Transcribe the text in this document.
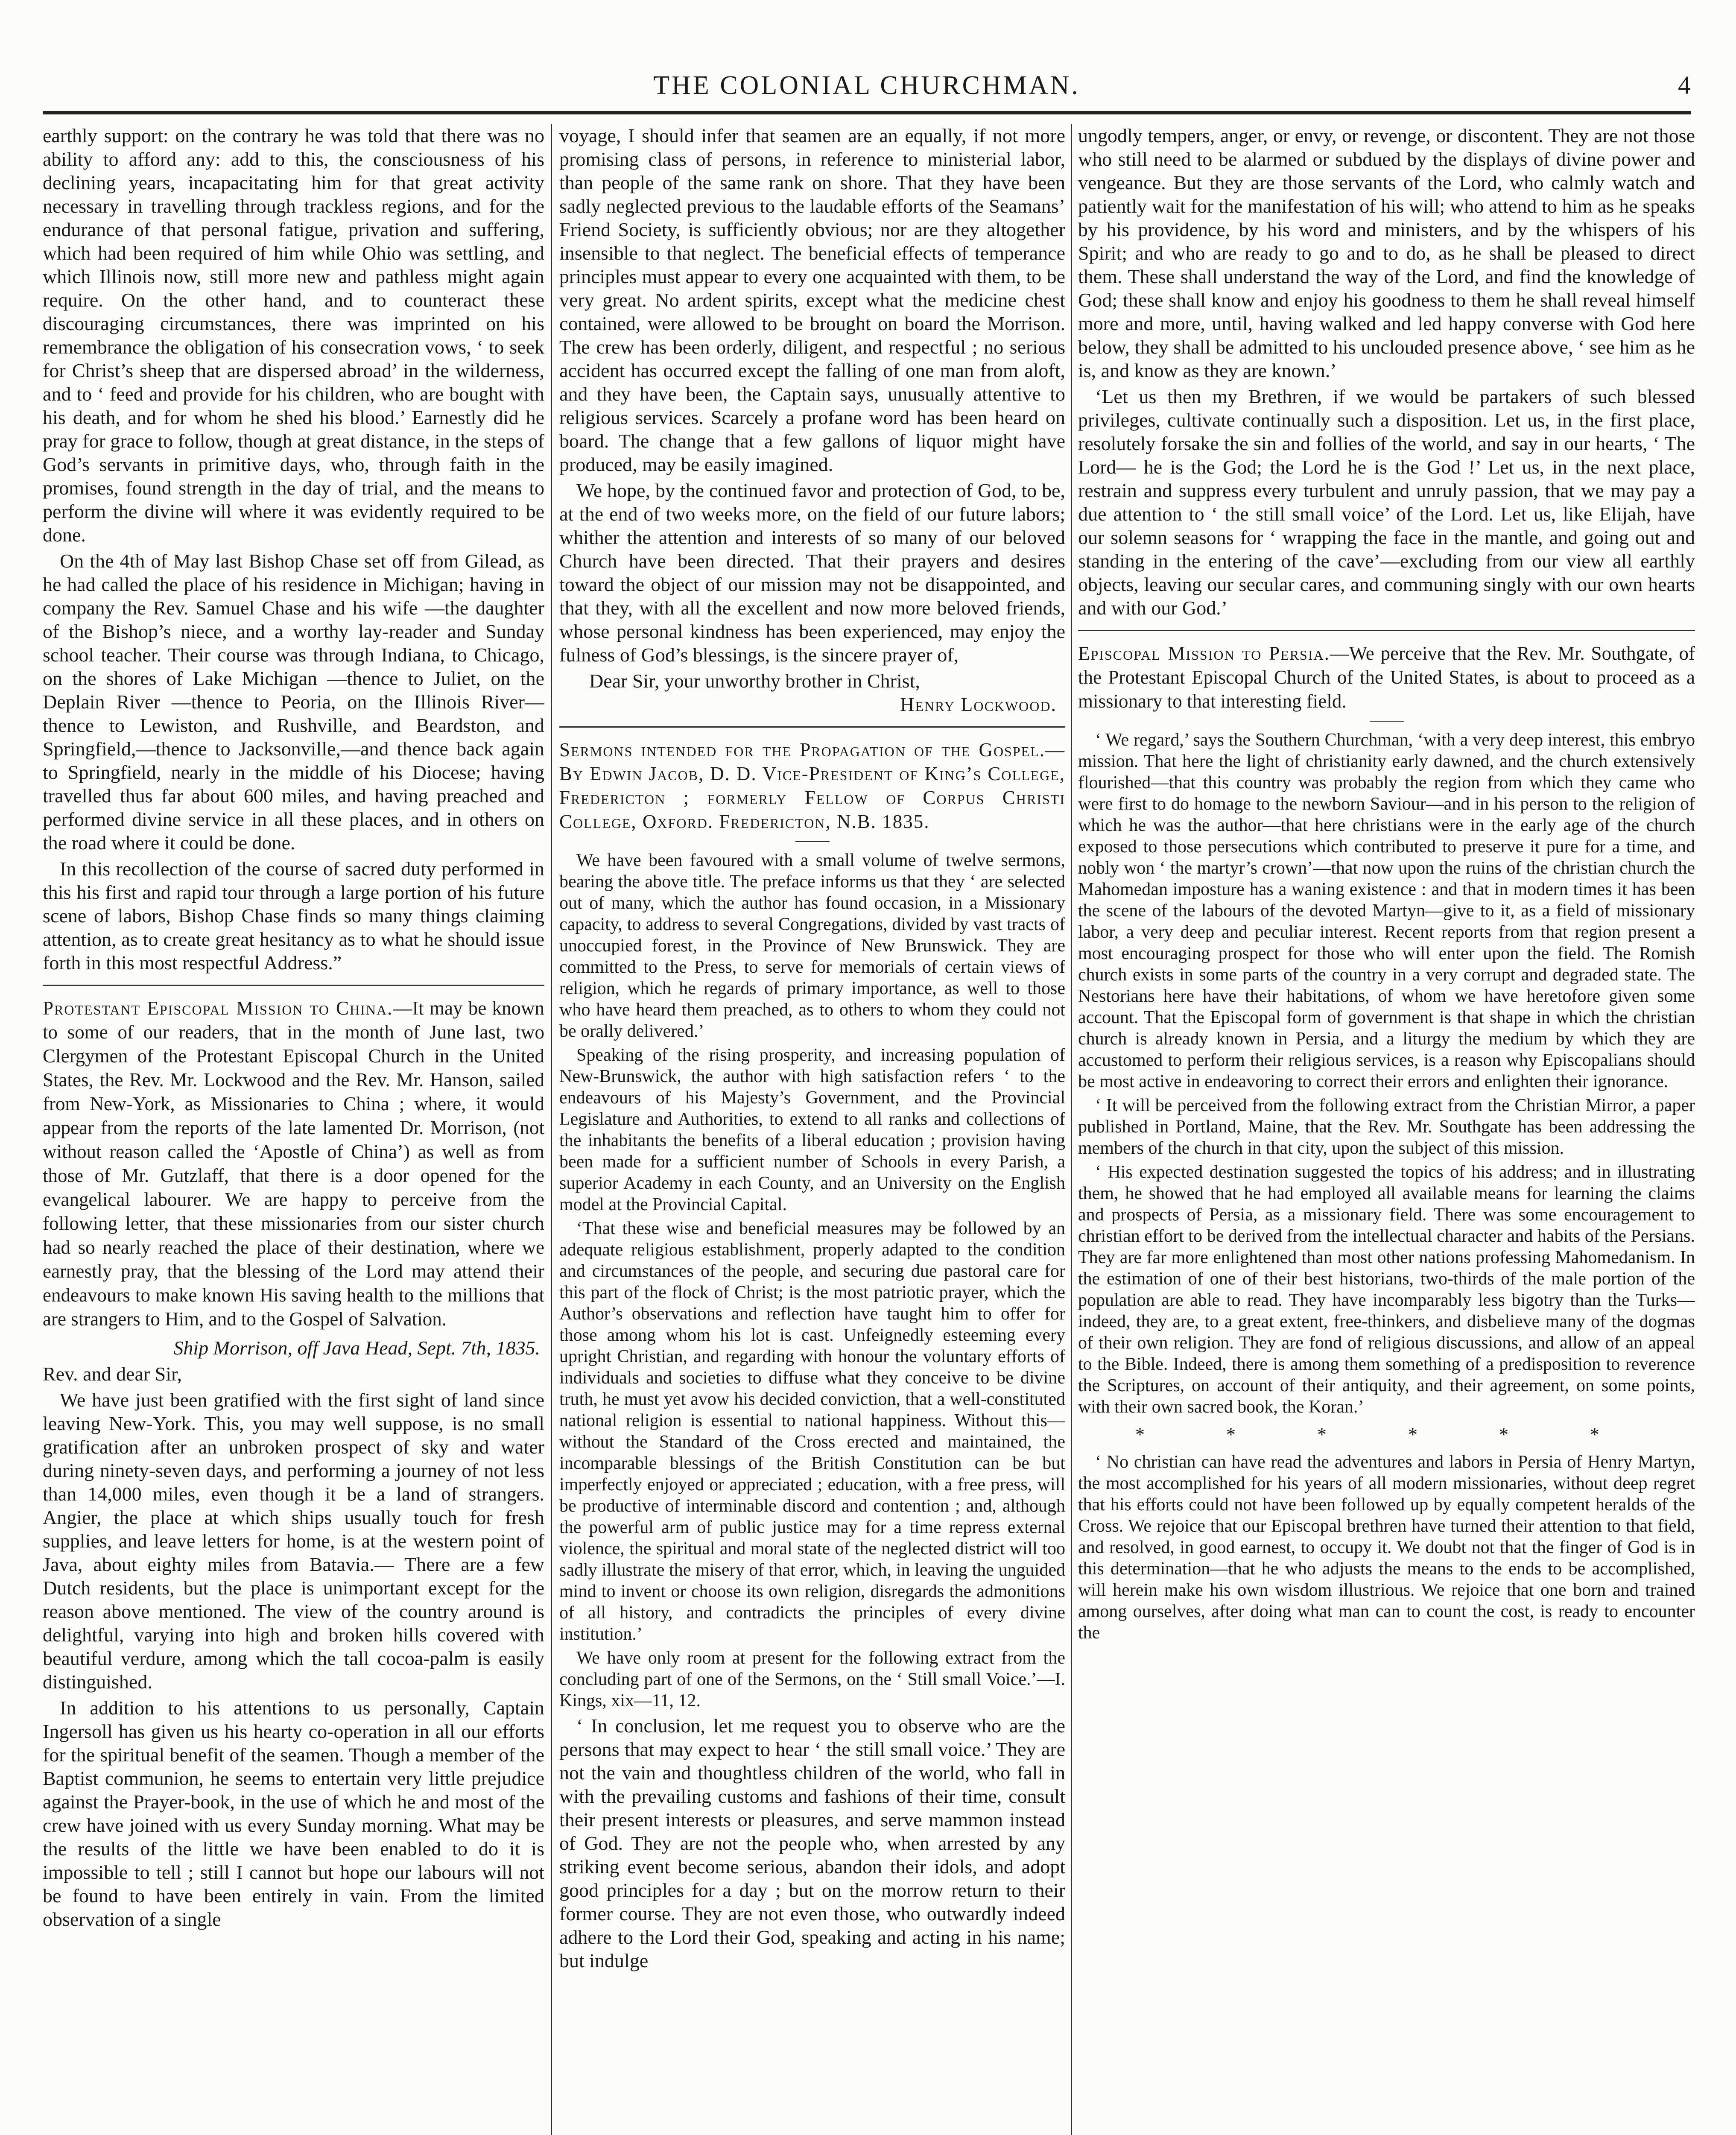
THE COLONIAL CHURCHMAN.	4

earthly support: on the contrary he was told that there was no ability to afford any: add to this, the consciousness of his declining years, incapacitating him for that great activity necessary in travelling through trackless regions, and for the endurance of that personal fatigue, privation and suffering, which had been required of him while Ohio was settling, and which Illinois now, still more new and pathless might again require. On the other hand, and to counteract these discouraging circumstances, there was imprinted on his remembrance the obligation of his consecration vows, ‘ to seek for Christ’s sheep that are dispersed abroad’ in the wilderness, and to ‘ feed and provide for his children, who are bought with his death, and for whom he shed his blood.’ Earnestly did he pray for grace to follow, though at great distance, in the steps of God’s servants in primitive days, who, through faith in the promises, found strength in the day of trial, and the means to perform the divine will where it was evidently required to be done.

On the 4th of May last Bishop Chase set off from Gilead, as he had called the place of his residence in Michigan; having in company the Rev. Samuel Chase and his wife —the daughter of the Bishop’s niece, and a worthy lay-reader and Sunday school teacher. Their course was through Indiana, to Chicago, on the shores of Lake Michigan —thence to Juliet, on the Deplain River —thence to Peoria, on the Illinois River— thence to Lewiston, and Rushville, and Beardston, and Springfield,—thence to Jacksonville,—and thence back again to Springfield, nearly in the middle of his Diocese; having travelled thus far about 600 miles, and having preached and performed divine service in all these places, and in others on the road where it could be done.

In this recollection of the course of sacred duty performed in this his first and rapid tour through a large portion of his future scene of labors, Bishop Chase finds so many things claiming attention, as to create great hesitancy as to what he should issue forth in this most respectful Address.”

Protestant Episcopal Mission to China.—It may be known to some of our readers, that in the month of June last, two Clergymen of the Protestant Episcopal Church in the United States, the Rev. Mr. Lockwood and the Rev. Mr. Hanson, sailed from New-York, as Missionaries to China ; where, it would appear from the reports of the late lamented Dr. Morrison, (not without reason called the ‘Apostle of China’) as well as from those of Mr. Gutzlaff, that there is a door opened for the evangelical labourer. We are happy to perceive from the following letter, that these missionaries from our sister church had so nearly reached the place of their destination, where we earnestly pray, that the blessing of the Lord may attend their endeavours to make known His saving health to the millions that are strangers to Him, and to the Gospel of Salvation.
Ship Morrison, off Java Head, Sept. 7th, 1835.

Rev. and dear Sir,

We have just been gratified with the first sight of land since leaving New-York. This, you may well suppose, is no small gratification after an unbroken prospect of sky and water during ninety-seven days, and performing a journey of not less than 14,000 miles, even though it be a land of strangers. Angier, the place at which ships usually touch for fresh supplies, and leave letters for home, is at the western point of Java, about eighty miles from Batavia.— There are a few Dutch residents, but the place is unimportant except for the reason above mentioned. The view of the country around is delightful, varying into high and broken hills covered with beautiful verdure, among which the tall cocoa-palm is easily distinguished.

In addition to his attentions to us personally, Captain Ingersoll has given us his hearty co-operation in all our efforts for the spiritual benefit of the seamen. Though a member of the Baptist communion, he seems to entertain very little prejudice against the Prayer-book, in the use of which he and most of the crew have joined with us every Sunday morning. What may be the results of the little we have been enabled to do it is impossible to tell ; still I cannot but hope our labours will not be found to have been entirely in vain. From the limited observation of a single

voyage, I should infer that seamen are an equally, if not more promising class of persons, in reference to ministerial labor, than people of the same rank on shore. That they have been sadly neglected previous to the laudable efforts of the Seamans’ Friend Society, is sufficiently obvious; nor are they altogether insensible to that neglect. The beneficial effects of temperance principles must appear to every one acquainted with them, to be very great. No ardent spirits, except what the medicine chest contained, were allowed to be brought on board the Morrison. The crew has been orderly, diligent, and respectful ; no serious accident has occurred except the falling of one man from aloft, and they have been, the Captain says, unusually attentive to religious services. Scarcely a profane word has been heard on board. The change that a few gallons of liquor might have produced, may be easily imagined.

We hope, by the continued favor and protection of God, to be, at the end of two weeks more, on the field of our future labors; whither the attention and interests of so many of our beloved Church have been directed. That their prayers and desires toward the object of our mission may not be disappointed, and that they, with all the excellent and now more beloved friends, whose personal kindness has been experienced, may enjoy the fulness of God’s blessings, is the sincere prayer of,

Dear Sir, your unworthy brother in Christ,
Henry Lockwood.
Sermons intended for the Propagation of the Gospel.—By Edwin Jacob, D. D. Vice-President of King’s College, Fredericton ; formerly Fellow of Corpus Christi College, Oxford. Fredericton, N.B. 1835.

We have been favoured with a small volume of twelve sermons, bearing the above title. The preface informs us that they ‘ are selected out of many, which the author has found occasion, in a Missionary capacity, to address to several Congregations, divided by vast tracts of unoccupied forest, in the Province of New Brunswick. They are committed to the Press, to serve for memorials of certain views of religion, which he regards of primary importance, as well to those who have heard them preached, as to others to whom they could not be orally delivered.’

Speaking of the rising prosperity, and increasing population of New-Brunswick, the author with high satisfaction refers ‘ to the endeavours of his Majesty’s Government, and the Provincial Legislature and Authorities, to extend to all ranks and collections of the inhabitants the benefits of a liberal education ; provision having been made for a sufficient number of Schools in every Parish, a superior Academy in each County, and an University on the English model at the Provincial Capital.

‘That these wise and beneficial measures may be followed by an adequate religious establishment, properly adapted to the condition and circumstances of the people, and securing due pastoral care for this part of the flock of Christ; is the most patriotic prayer, which the Author’s observations and reflection have taught him to offer for those among whom his lot is cast. Unfeignedly esteeming every upright Christian, and regarding with honour the voluntary efforts of individuals and societies to diffuse what they conceive to be divine truth, he must yet avow his decided conviction, that a well-constituted national religion is essential to national happiness. Without this—without the Standard of the Cross erected and maintained, the incomparable blessings of the British Constitution can be but imperfectly enjoyed or appreciated ; education, with a free press, will be productive of interminable discord and contention ; and, although the powerful arm of public justice may for a time repress external violence, the spiritual and moral state of the neglected district will too sadly illustrate the misery of that error, which, in leaving the unguided mind to invent or choose its own religion, disregards the admonitions of all history, and contradicts the principles of every divine institution.’

We have only room at present for the following extract from the concluding part of one of the Sermons, on the ‘ Still small Voice.’—I. Kings, xix—11, 12.

‘ In conclusion, let me request you to observe who are the persons that may expect to hear ‘ the still small voice.’ They are not the vain and thoughtless children of the world, who fall in with the prevailing customs and fashions of their time, consult their present interests or pleasures, and serve mammon instead of God. They are not the people who, when arrested by any striking event become serious, abandon their idols, and adopt good principles for a day ; but on the morrow return to their former course. They are not even those, who outwardly indeed adhere to the Lord their God, speaking and acting in his name; but indulge

ungodly tempers, anger, or envy, or revenge, or discontent. They are not those who still need to be alarmed or subdued by the displays of divine power and vengeance. But they are those servants of the Lord, who calmly watch and patiently wait for the manifestation of his will; who attend to him as he speaks by his providence, by his word and ministers, and by the whispers of his Spirit; and who are ready to go and to do, as he shall be pleased to direct them. These shall understand the way of the Lord, and find the knowledge of God; these shall know and enjoy his goodness to them he shall reveal himself more and more, until, having walked and led happy converse with God here below, they shall be admitted to his unclouded presence above, ‘ see him as he is, and know as they are known.’

‘Let us then my Brethren, if we would be partakers of such blessed privileges, cultivate continually such a disposition. Let us, in the first place, resolutely forsake the sin and follies of the world, and say in our hearts, ‘ The Lord— he is the God; the Lord he is the God !’ Let us, in the next place, restrain and suppress every turbulent and unruly passion, that we may pay a due attention to ‘ the still small voice’ of the Lord. Let us, like Elijah, have our solemn seasons for ‘ wrapping the face in the mantle, and going out and standing in the entering of the cave’—excluding from our view all earthly objects, leaving our secular cares, and communing singly with our own hearts and with our God.’

Episcopal Mission to Persia.—We perceive that the Rev. Mr. Southgate, of the Protestant Episcopal Church of the United States, is about to proceed as a missionary to that interesting field.

‘ We regard,’ says the Southern Churchman, ‘with a very deep interest, this embryo mission. That here the light of christianity early dawned, and the church extensively flourished—that this country was probably the region from which they came who were first to do homage to the newborn Saviour—and in his person to the religion of which he was the author—that here christians were in the early age of the church exposed to those persecutions which contributed to preserve it pure for a time, and nobly won ‘ the martyr’s crown’—that now upon the ruins of the christian church the Mahomedan imposture has a waning existence : and that in modern times it has been the scene of the labours of the devoted Martyn—give to it, as a field of missionary labor, a very deep and peculiar interest. Recent reports from that region present a most encouraging prospect for those who will enter upon the field. The Romish church exists in some parts of the country in a very corrupt and degraded state. The Nestorians here have their habitations, of whom we have heretofore given some account. That the Episcopal form of government is that shape in which the christian church is already known in Persia, and a liturgy the medium by which they are accustomed to perform their religious services, is a reason why Episcopalians should be most active in endeavoring to correct their errors and enlighten their ignorance.

‘ It will be perceived from the following extract from the Christian Mirror, a paper published in Portland, Maine, that the Rev. Mr. Southgate has been addressing the members of the church in that city, upon the subject of this mission.

‘ His expected destination suggested the topics of his address; and in illustrating them, he showed that he had employed all available means for learning the claims and prospects of Persia, as a missionary field. There was some encouragement to christian effort to be derived from the intellectual character and habits of the Persians. They are far more enlightened than most other nations professing Mahomedanism. In the estimation of one of their best historians, two-thirds of the male portion of the population are able to read. They have incomparably less bigotry than the Turks—indeed, they are, to a great extent, free-thinkers, and disbelieve many of the dogmas of their own religion. They are fond of religious discussions, and allow of an appeal to the Bible. Indeed, there is among them something of a predisposition to reverence the Scriptures, on account of their antiquity, and their agreement, on some points, with their own sacred book, the Koran.’

* * * * * *

‘ No christian can have read the adventures and labors in Persia of Henry Martyn, the most accomplished for his years of all modern missionaries, without deep regret that his efforts could not have been followed up by equally competent heralds of the Cross. We rejoice that our Episcopal brethren have turned their attention to that field, and resolved, in good earnest, to occupy it. We doubt not that the finger of God is in this determination—that he who adjusts the means to the ends to be accomplished, will herein make his own wisdom illustrious. We rejoice that one born and trained among ourselves, after doing what man can to count the cost, is ready to encounter the
